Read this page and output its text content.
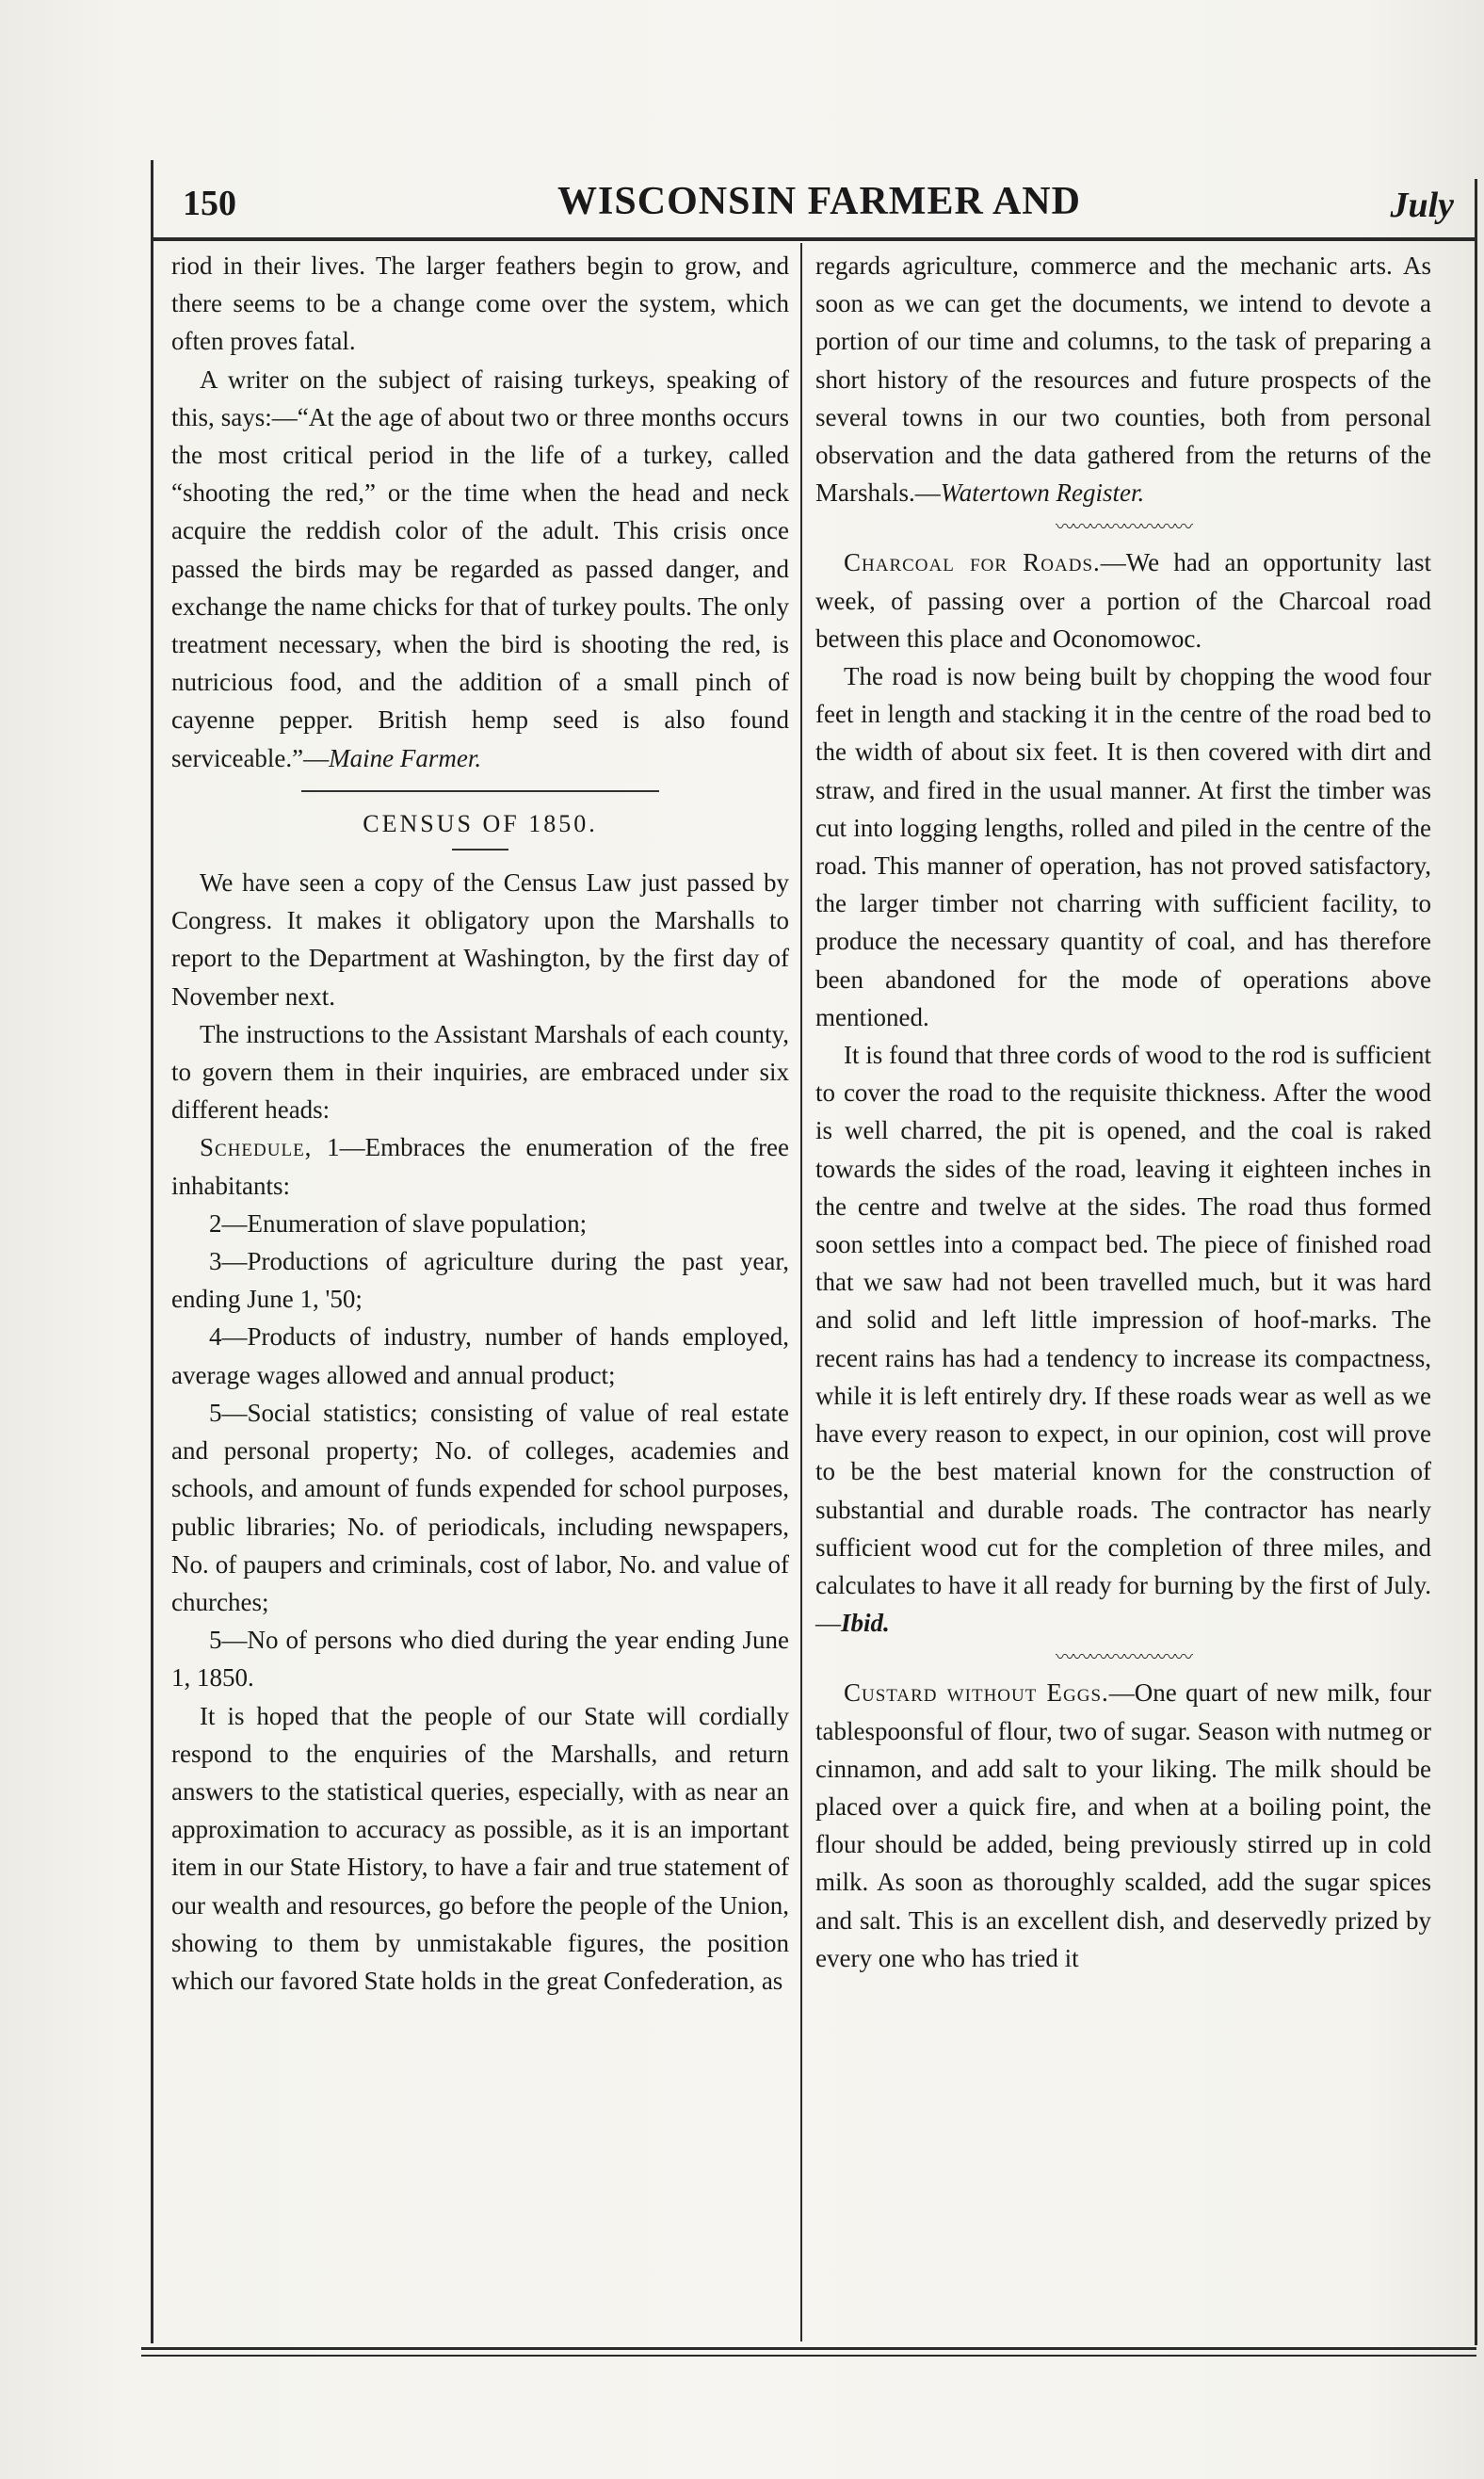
150	WISCONSIN FARMER AND	July

riod in their lives. The larger feathers begin to grow, and there seems to be a change come over the system, which often proves fatal.

A writer on the subject of raising turkeys, speaking of this, says:—“At the age of about two or three months occurs the most critical period in the life of a turkey, called “shooting the red,” or the time when the head and neck acquire the reddish color of the adult. This crisis once passed the birds may be regarded as passed danger, and exchange the name chicks for that of turkey poults. The only treatment necessary, when the bird is shooting the red, is nutricious food, and the addition of a small pinch of cayenne pepper. British hemp seed is also found serviceable.”—Maine Farmer.

CENSUS OF 1850.

We have seen a copy of the Census Law just passed by Congress. It makes it obligatory upon the Marshalls to report to the Department at Washington, by the first day of November next.

The instructions to the Assistant Marshals of each county, to govern them in their inquiries, are embraced under six different heads:

Schedule, 1—Embraces the enumeration of the free inhabitants:

2—Enumeration of slave population;

3—Productions of agriculture during the past year, ending June 1, '50;

4—Products of industry, number of hands employed, average wages allowed and annual product;

5—Social statistics; consisting of value of real estate and personal property; No. of colleges, academies and schools, and amount of funds expended for school purposes, public libraries; No. of periodicals, including newspapers, No. of paupers and criminals, cost of labor, No. and value of churches;

5—No of persons who died during the year ending June 1, 1850.

It is hoped that the people of our State will cordially respond to the enquiries of the Marshalls, and return answers to the statistical queries, especially, with as near an approximation to accuracy as possible, as it is an important item in our State History, to have a fair and true statement of our wealth and resources, go before the people of the Union, showing to them by unmistakable figures, the position which our favored State holds in the great Confederation, as

regards agriculture, commerce and the mechanic arts. As soon as we can get the documents, we intend to devote a portion of our time and columns, to the task of preparing a short history of the resources and future prospects of the several towns in our two counties, both from personal observation and the data gathered from the returns of the Marshals.—Watertown Register.

〰〰〰〰〰〰〰〰

Charcoal for Roads.—We had an opportunity last week, of passing over a portion of the Charcoal road between this place and Oconomowoc.

The road is now being built by chopping the wood four feet in length and stacking it in the centre of the road bed to the width of about six feet. It is then covered with dirt and straw, and fired in the usual manner. At first the timber was cut into logging lengths, rolled and piled in the centre of the road. This manner of operation, has not proved satisfactory, the larger timber not charring with sufficient facility, to produce the necessary quantity of coal, and has therefore been abandoned for the mode of operations above mentioned.

It is found that three cords of wood to the rod is sufficient to cover the road to the requisite thickness. After the wood is well charred, the pit is opened, and the coal is raked towards the sides of the road, leaving it eighteen inches in the centre and twelve at the sides. The road thus formed soon settles into a compact bed. The piece of finished road that we saw had not been travelled much, but it was hard and solid and left little impression of hoof-marks. The recent rains has had a tendency to increase its compactness, while it is left entirely dry. If these roads wear as well as we have every reason to expect, in our opinion, cost will prove to be the best material known for the construction of substantial and durable roads. The contractor has nearly sufficient wood cut for the completion of three miles, and calculates to have it all ready for burning by the first of July.—Ibid.

〰〰〰〰〰〰〰〰

Custard without Eggs.—One quart of new milk, four tablespoonsful of flour, two of sugar. Season with nutmeg or cinnamon, and add salt to your liking. The milk should be placed over a quick fire, and when at a boiling point, the flour should be added, being previously stirred up in cold milk. As soon as thoroughly scalded, add the sugar spices and salt. This is an excellent dish, and deservedly prized by every one who has tried it
